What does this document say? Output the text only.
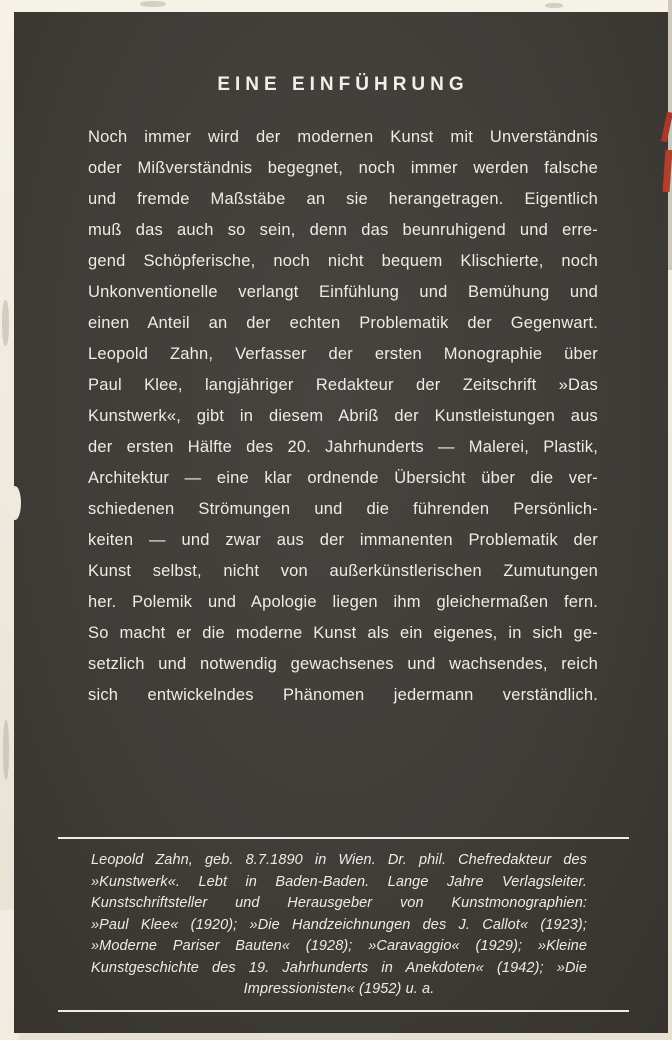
EINE EINFÜHRUNG
Noch immer wird der modernen Kunst mit Unverständnis
oder Mißverständnis begegnet, noch immer werden falsche
und fremde Maßstäbe an sie herangetragen. Eigentlich
muß das auch so sein, denn das beunruhigend und erre-
gend Schöpferische, noch nicht bequem Klischierte, noch
Unkonventionelle verlangt Einfühlung und Bemühung und
einen Anteil an der echten Problematik der Gegenwart.
Leopold Zahn, Verfasser der ersten Monographie über
Paul Klee, langjähriger Redakteur der Zeitschrift »Das
Kunstwerk«, gibt in diesem Abriß der Kunstleistungen aus
der ersten Hälfte des 20. Jahrhunderts — Malerei, Plastik,
Architektur — eine klar ordnende Übersicht über die ver-
schiedenen Strömungen und die führenden Persönlich-
keiten — und zwar aus der immanenten Problematik der
Kunst selbst, nicht von außerkünstlerischen Zumutungen
her. Polemik und Apologie liegen ihm gleichermaßen fern.
So macht er die moderne Kunst als ein eigenes, in sich ge-
setzlich und notwendig gewachsenes und wachsendes, reich
sich entwickelndes Phänomen jedermann verständlich.
Leopold Zahn, geb. 8.7.1890 in Wien. Dr. phil. Chefredakteur des
»Kunstwerk«. Lebt in Baden-Baden. Lange Jahre Verlagsleiter.
Kunstschriftsteller und Herausgeber von Kunstmonographien:
»Paul Klee« (1920); »Die Handzeichnungen des J. Callot« (1923);
»Moderne Pariser Bauten« (1928); »Caravaggio« (1929); »Kleine
Kunstgeschichte des 19. Jahrhunderts in Anekdoten« (1942); »Die
Impressionisten« (1952) u. a.
